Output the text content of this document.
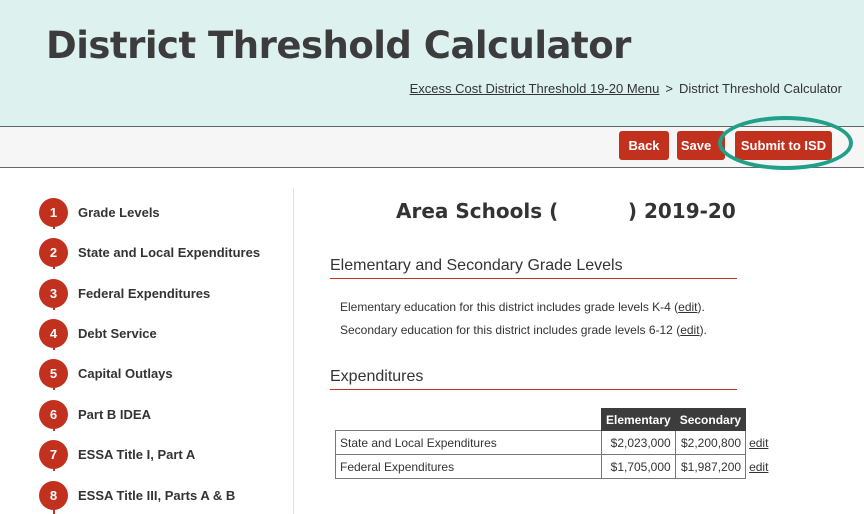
District Threshold Calculator
Excess Cost District Threshold 19-20 Menu > District Threshold Calculator
Back	Save	Submit to ISD
1	Grade Levels
2	State and Local Expenditures
3	Federal Expenditures
4	Debt Service
5	Capital Outlays
6	Part B IDEA
7	ESSA Title I, Part A
8	ESSA Title III, Parts A & B
Area Schools (          ) 2019-20
Elementary and Secondary Grade Levels
Elementary education for this district includes grade levels K-4 (edit).
Secondary education for this district includes grade levels 6-12 (edit).
Expenditures
	Elementary	Secondary	
State and Local Expenditures	$2,023,000	$2,200,800	edit
Federal Expenditures	$1,705,000	$1,987,200	edit
